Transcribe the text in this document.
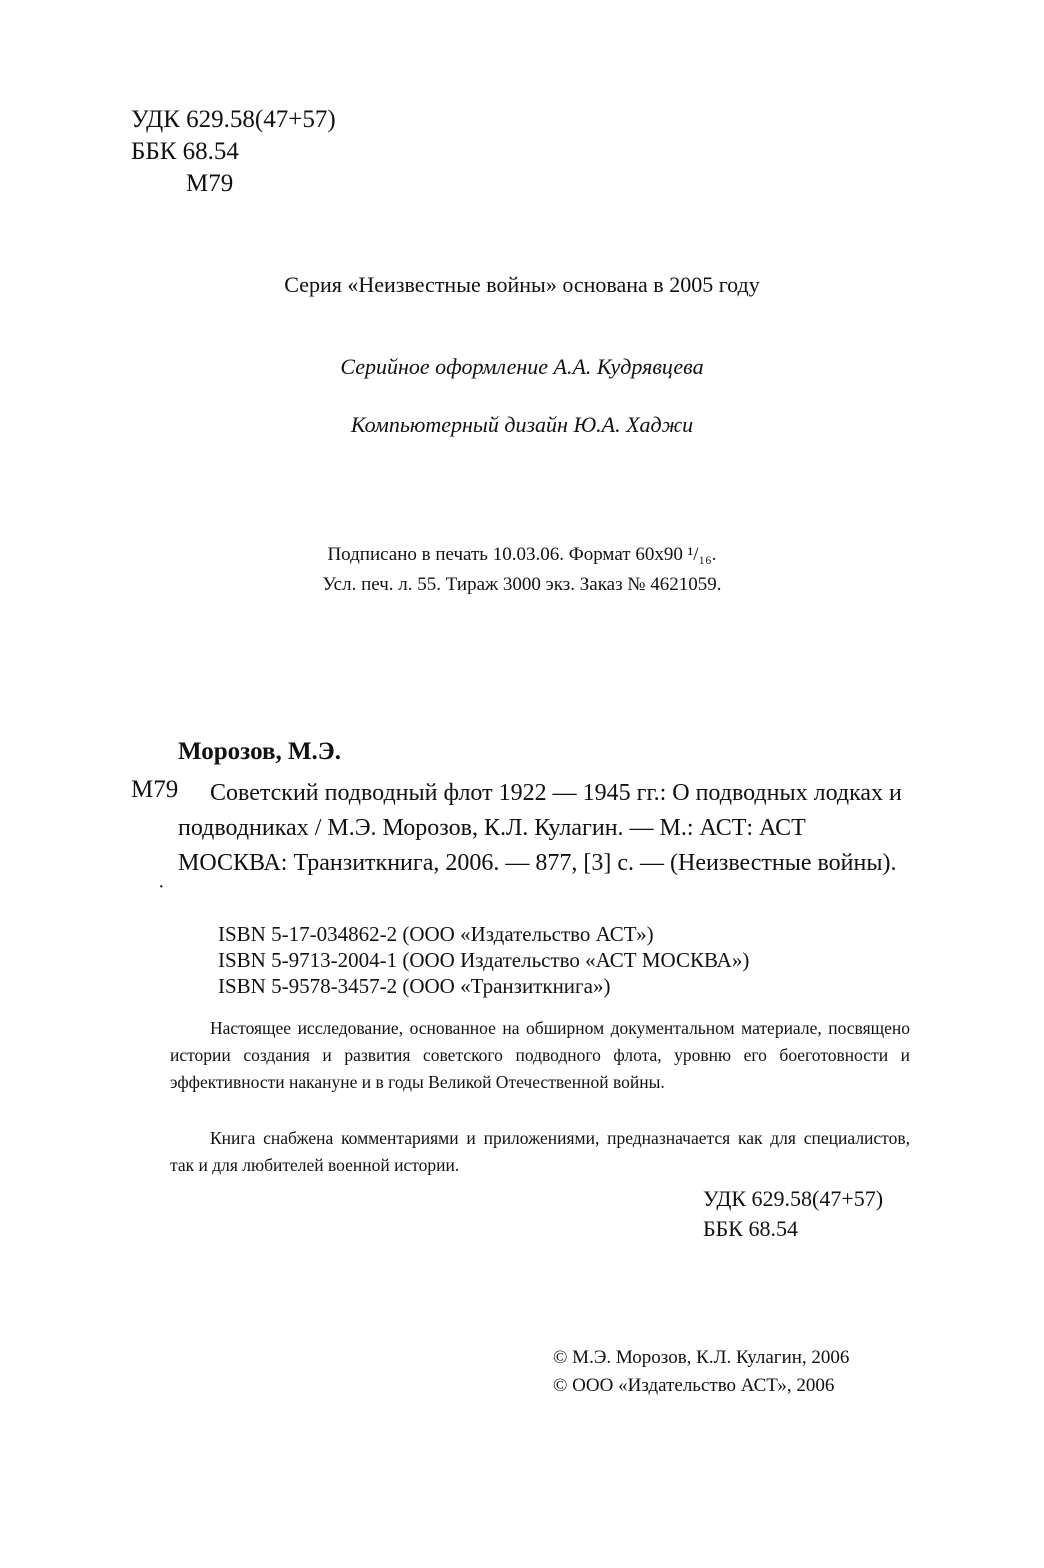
УДК 629.58(47+57)
ББК 68.54
М79
Серия «Неизвестные войны» основана в 2005 году
Серийное оформление А.А. Кудрявцева
Компьютерный дизайн Ю.А. Хаджи
Подписано в печать 10.03.06. Формат 60х90 ¹/₁₆.
Усл. печ. л. 55. Тираж 3000 экз. Заказ № 4621059.
Морозов, М.Э.
М79	Советский подводный флот 1922 — 1945 гг.: О подводных лодках и подводниках / М.Э. Морозов, К.Л. Кулагин. — М.: АСТ: АСТ МОСКВА: Транзиткнига, 2006. — 877, [3] с. — (Неизвестные войны).
·
ISBN 5-17-034862-2 (ООО «Издательство АСТ»)
ISBN 5-9713-2004-1 (ООО Издательство «АСТ МОСКВА»)
ISBN 5-9578-3457-2 (ООО «Транзиткнига»)
Настоящее исследование, основанное на обширном документальном материале, посвящено истории создания и развития советского подводного флота, уровню его боеготовности и эффективности накануне и в годы Великой Отечественной войны.
Книга снабжена комментариями и приложениями, предназначается как для специалистов, так и для любителей военной истории.
УДК 629.58(47+57)
ББК 68.54
© М.Э. Морозов, К.Л. Кулагин, 2006
© ООО «Издательство АСТ», 2006
